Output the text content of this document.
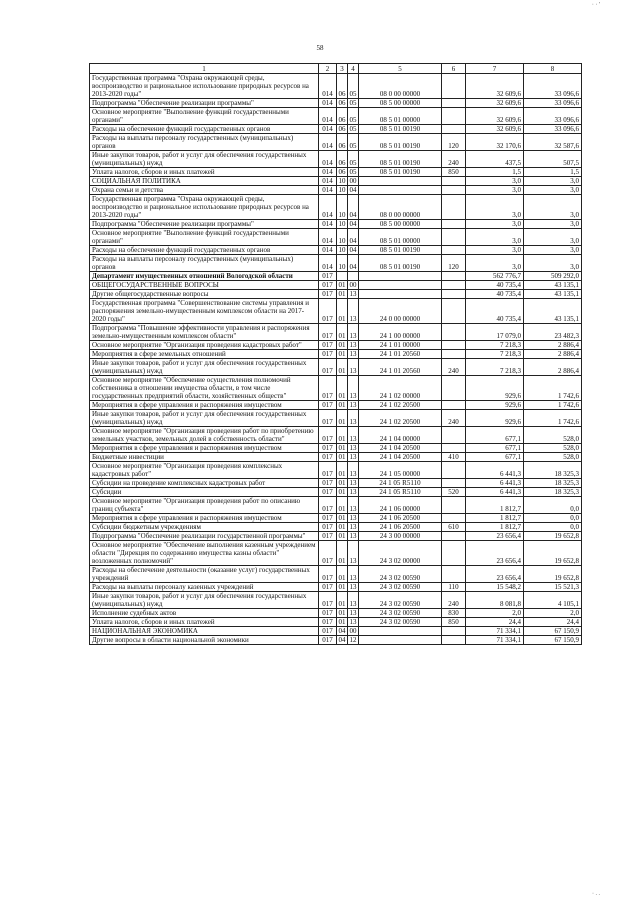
· · '
58
1	2	3	4	5	6	7	8
Государственная программа "Охрана окружающей среды, воспроизводство и рациональное использование природных ресурсов на 2013-2020 годы"	014	06	05	08 0 00 00000		32 609,6	33 096,6
Подпрограмма "Обеспечение реализации программы"	014	06	05	08 5 00 00000		32 609,6	33 096,6
Основное мероприятие "Выполнение функций государственными органами"	014	06	05	08 5 01 00000		32 609,6	33 096,6
Расходы на обеспечение функций государственных органов	014	06	05	08 5 01 00190		32 609,6	33 096,6
Расходы на выплаты персоналу государственных (муниципальных) органов	014	06	05	08 5 01 00190	120	32 170,6	32 587,6
Иные закупки товаров, работ и услуг для обеспечения государственных (муниципальных) нужд	014	06	05	08 5 01 00190	240	437,5	507,5
Уплата налогов, сборов и иных платежей	014	06	05	08 5 01 00190	850	1,5	1,5
СОЦИАЛЬНАЯ ПОЛИТИКА	014	10	00			3,0	3,0
Охрана семьи и детства	014	10	04			3,0	3,0
Государственная программа "Охрана окружающей среды, воспроизводство и рациональное использование природных ресурсов на 2013-2020 годы"	014	10	04	08 0 00 00000		3,0	3,0
Подпрограмма "Обеспечение реализации программы"	014	10	04	08 5 00 00000		3,0	3,0
Основное мероприятие "Выполнение функций государственными органами"	014	10	04	08 5 01 00000		3,0	3,0
Расходы на обеспечение функций государственных органов	014	10	04	08 5 01 00190		3,0	3,0
Расходы на выплаты персоналу государственных (муниципальных) органов	014	10	04	08 5 01 00190	120	3,0	3,0
Департамент имущественных отношений Вологодской области	017					562 776,7	509 292,0
ОБЩЕГОСУДАРСТВЕННЫЕ ВОПРОСЫ	017	01	00			40 735,4	43 135,1
Другие общегосударственные вопросы	017	01	13			40 735,4	43 135,1
Государственная программа "Совершенствование системы управления и распоряжения земельно-имущественным комплексом области на 2017-2020 годы"	017	01	13	24 0 00 00000		40 735,4	43 135,1
Подпрограмма "Повышение эффективности управления и распоряжения земельно-имущественным комплексом области"	017	01	13	24 1 00 00000		17 079,0	23 482,3
Основное мероприятие "Организация проведения кадастровых работ"	017	01	13	24 1 01 00000		7 218,3	2 886,4
Мероприятия в сфере земельных отношений	017	01	13	24 1 01 20560		7 218,3	2 886,4
Иные закупки товаров, работ и услуг для обеспечения государственных (муниципальных) нужд	017	01	13	24 1 01 20560	240	7 218,3	2 886,4
Основное мероприятие "Обеспечение осуществления полномочий собственника в отношении имущества области, в том числе государственных предприятий области, хозяйственных обществ"	017	01	13	24 1 02 00000		929,6	1 742,6
Мероприятия в сфере управления и распоряжения имуществом	017	01	13	24 1 02 20500		929,6	1 742,6
Иные закупки товаров, работ и услуг для обеспечения государственных (муниципальных) нужд	017	01	13	24 1 02 20500	240	929,6	1 742,6
Основное мероприятие "Организация проведения работ по приобретению земельных участков, земельных долей в собственность области"	017	01	13	24 1 04 00000		677,1	528,0
Мероприятия в сфере управления и распоряжения имуществом	017	01	13	24 1 04 20500		677,1	528,0
Бюджетные инвестиции	017	01	13	24 1 04 20500	410	677,1	528,0
Основное мероприятие "Организация проведения комплексных кадастровых работ"	017	01	13	24 1 05 00000		6 441,3	18 325,3
Субсидии на проведение комплексных кадастровых работ	017	01	13	24 1 05 R5110		6 441,3	18 325,3
Субсидии	017	01	13	24 1 05 R5110	520	6 441,3	18 325,3
Основное мероприятие "Организация проведения работ по описанию границ субъекта"	017	01	13	24 1 06 00000		1 812,7	0,0
Мероприятия в сфере управления и распоряжения имуществом	017	01	13	24 1 06 20500		1 812,7	0,0
Субсидии бюджетным учреждениям	017	01	13	24 1 06 20500	610	1 812,7	0,0
Подпрограмма "Обеспечение реализации государственной программы"	017	01	13	24 3 00 00000		23 656,4	19 652,8
Основное мероприятие "Обеспечение выполнения казенным учреждением области "Дирекция по содержанию имущества казны области" возложенных полномочий"	017	01	13	24 3 02 00000		23 656,4	19 652,8
Расходы на обеспечение деятельности (оказание услуг) государственных учреждений	017	01	13	24 3 02 00590		23 656,4	19 652,8
Расходы на выплаты персоналу казенных учреждений	017	01	13	24 3 02 00590	110	15 548,2	15 521,3
Иные закупки товаров, работ и услуг для обеспечения государственных (муниципальных) нужд	017	01	13	24 3 02 00590	240	8 081,8	4 105,1
Исполнение судебных актов	017	01	13	24 3 02 00590	830	2,0	2,0
Уплата налогов, сборов и иных платежей	017	01	13	24 3 02 00590	850	24,4	24,4
НАЦИОНАЛЬНАЯ ЭКОНОМИКА	017	04	00			71 334,1	67 150,9
Другие вопросы в области национальной экономики	017	04	12			71 334,1	67 150,9
· . .
